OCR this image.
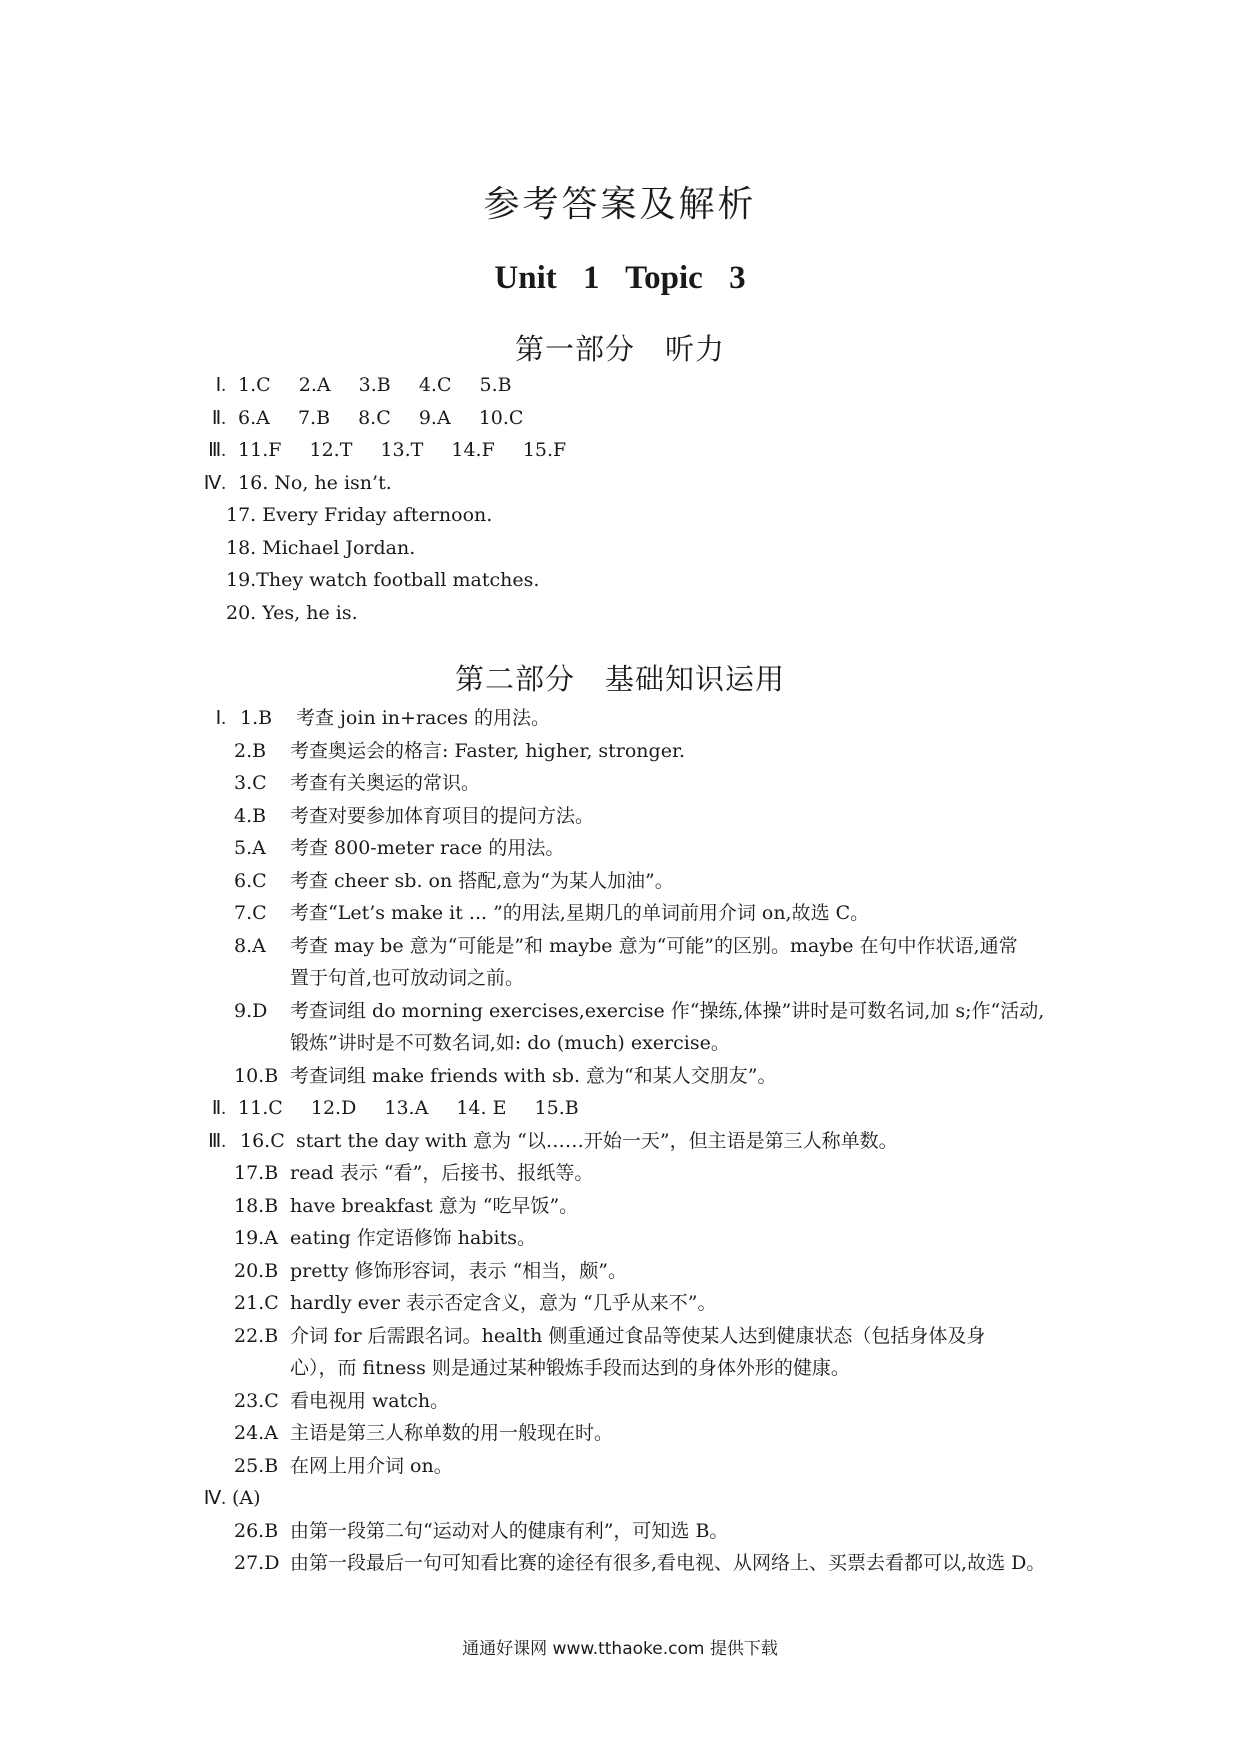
参考答案及解析
Unit 1 Topic 3
第一部分 听力
Ⅰ. 1.C 2.A 3.B 4.C 5.B
Ⅱ. 6.A 7.B 8.C 9.A 10.C
Ⅲ. 11.F 12.T 13.T 14.F 15.F
Ⅳ. 16. No, he isn’t.
17. Every Friday afternoon.
18. Michael Jordan.
19.They watch football matches.
20. Yes, he is.
第二部分 基础知识运用
Ⅰ. 1.B 考查 join in+races 的用法。
2.B 考查奥运会的格言: Faster, higher, stronger.
3.C 考查有关奥运的常识。
4.B 考查对要参加体育项目的提问方法。
5.A 考查 800-meter race 的用法。
6.C 考查 cheer sb. on 搭配,意为“为某人加油”。
7.C 考查“Let’s make it ... ”的用法,星期几的单词前用介词 on,故选 C。
8.A 考查 may be 意为“可能是”和 maybe 意为“可能”的区别。maybe 在句中作状语,通常
置于句首,也可放动词之前。
9.D 考查词组 do morning exercises,exercise 作“操练,体操”讲时是可数名词,加 s;作“活动,
锻炼”讲时是不可数名词,如: do (much) exercise。
10.B 考查词组 make friends with sb. 意为“和某人交朋友”。
Ⅱ. 11.C 12.D 13.A 14. E 15.B
Ⅲ. 16.C start the day with 意为 “以……开始一天”，但主语是第三人称单数。
17.B read 表示 “看”，后接书、报纸等。
18.B have breakfast 意为 “吃早饭”。
19.A eating 作定语修饰 habits。
20.B pretty 修饰形容词，表示 “相当，颇”。
21.C hardly ever 表示否定含义，意为 “几乎从来不”。
22.B 介词 for 后需跟名词。health 侧重通过食品等使某人达到健康状态（包括身体及身
心），而 fitness 则是通过某种锻炼手段而达到的身体外形的健康。
23.C 看电视用 watch。
24.A 主语是第三人称单数的用一般现在时。
25.B 在网上用介词 on。
Ⅳ. (A)
26.B 由第一段第二句“运动对人的健康有利”，可知选 B。
27.D 由第一段最后一句可知看比赛的途径有很多,看电视、从网络上、买票去看都可以,故选 D。
通通好课网 www.tthaoke.com 提供下载
